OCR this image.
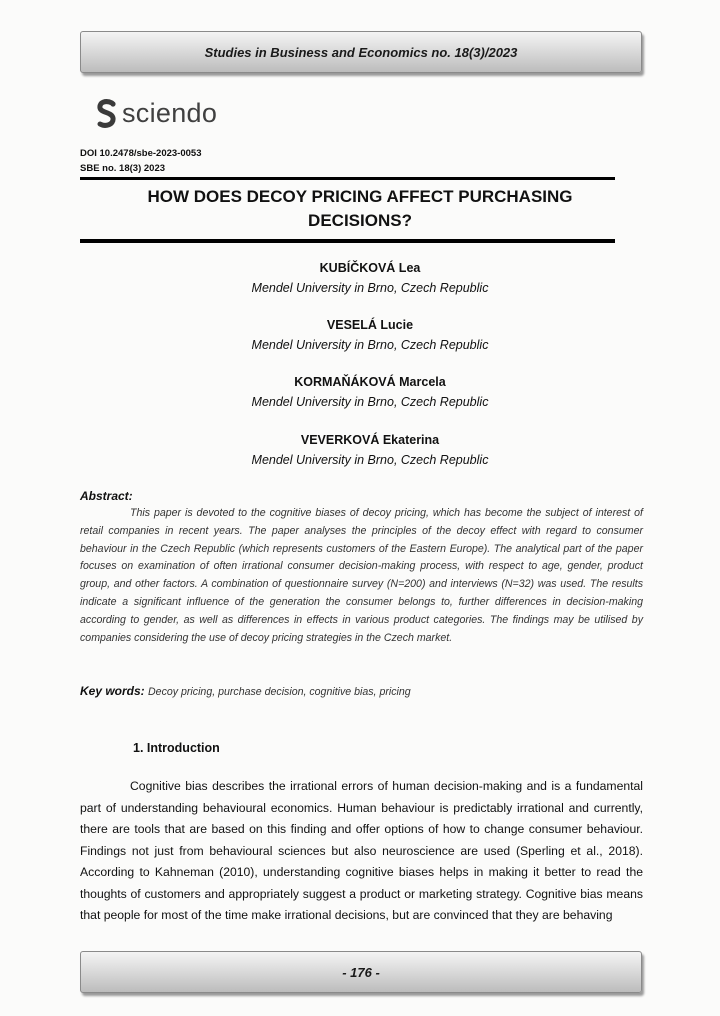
Studies in Business and Economics no. 18(3)/2023
sciendo
DOI 10.2478/sbe-2023-0053
SBE no. 18(3) 2023
HOW DOES DECOY PRICING AFFECT PURCHASING DECISIONS?
KUBÍČKOVÁ Lea
Mendel University in Brno, Czech Republic
VESELÁ Lucie
Mendel University in Brno, Czech Republic
KORMAŇÁKOVÁ Marcela
Mendel University in Brno, Czech Republic
VEVERKOVÁ Ekaterina
Mendel University in Brno, Czech Republic
Abstract:

This paper is devoted to the cognitive biases of decoy pricing, which has become the subject of interest of retail companies in recent years. The paper analyses the principles of the decoy effect with regard to consumer behaviour in the Czech Republic (which represents customers of the Eastern Europe). The analytical part of the paper focuses on examination of often irrational consumer decision-making process, with respect to age, gender, product group, and other factors. A combination of questionnaire survey (N=200) and interviews (N=32) was used. The results indicate a significant influence of the generation the consumer belongs to, further differences in decision-making according to gender, as well as differences in effects in various product categories. The findings may be utilised by companies considering the use of decoy pricing strategies in the Czech market.

Key words: Decoy pricing, purchase decision, cognitive bias, pricing
1. Introduction

Cognitive bias describes the irrational errors of human decision-making and is a fundamental part of understanding behavioural economics. Human behaviour is predictably irrational and currently, there are tools that are based on this finding and offer options of how to change consumer behaviour. Findings not just from behavioural sciences but also neuroscience are used (Sperling et al., 2018). According to Kahneman (2010), understanding cognitive biases helps in making it better to read the thoughts of customers and appropriately suggest a product or marketing strategy. Cognitive bias means that people for most of the time make irrational decisions, but are convinced that they are behaving

- 176 -
